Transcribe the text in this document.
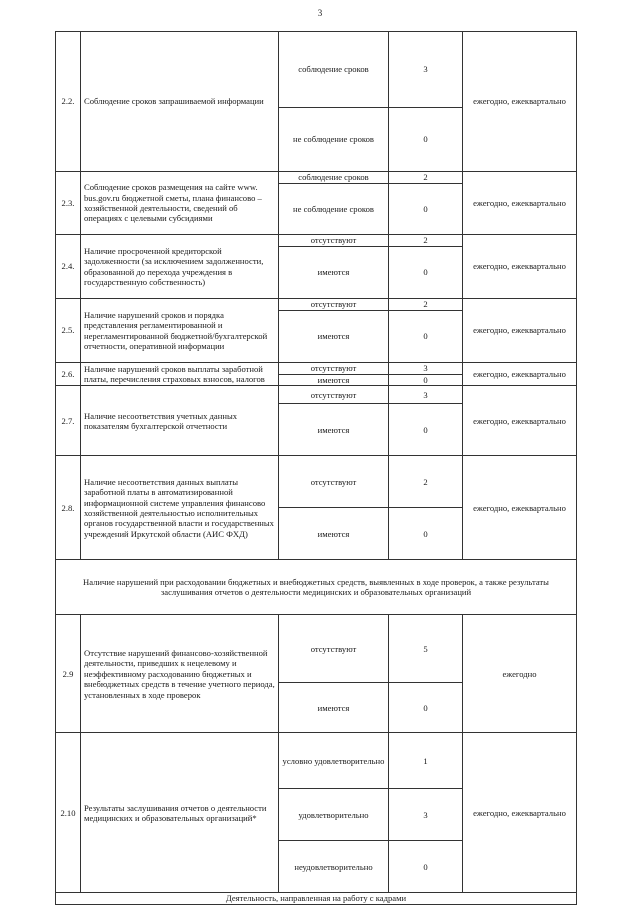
3
2.2.	Соблюдение сроков запрашиваемой информации	соблюдение сроков	3	ежегодно, ежеквартально
		не соблюдение сроков	0	
2.3.	Соблюдение сроков размещения на сайте www. bus.gov.ru бюджетной сметы, плана финансово – хозяйственной деятельности, сведений об операциях с целевыми субсидиями	соблюдение сроков	2	ежегодно, ежеквартально
		не соблюдение сроков	0	
2.4.	Наличие просроченной кредиторской задолженности (за исключением задолженности, образованной до перехода учреждения в государственную собственность)	отсутствуют	2	ежегодно, ежеквартально
		имеются	0	
2.5.	Наличие нарушений сроков и порядка представления регламентированной и нерегламентированной бюджетной/бухгалтерской отчетности, оперативной информации	отсутствуют	2	ежегодно, ежеквартально
		имеются	0	
2.6.	Наличие нарушений сроков выплаты заработной платы, перечисления страховых взносов, налогов	отсутствуют	3	ежегодно, ежеквартально
		имеются	0	
2.7.	Наличие несоответствия учетных данных показателям бухгалтерской отчетности	отсутствуют	3	ежегодно, ежеквартально
		имеются	0	
2.8.	Наличие несоответствия данных выплаты заработной платы в автоматизированной информационной системе управления финансово хозяйственной деятельностью исполнительных органов государственной власти и государственных учреждений Иркутской области (АИС ФХД)	отсутствуют	2	ежегодно, ежеквартально
		имеются	0	
Наличие нарушений при расходовании бюджетных и внебюджетных средств, выявленных в ходе проверок, а также результаты заслушивания отчетов о деятельности медицинских и образовательных организаций				
2.9	Отсутствие нарушений финансово-хозяйственной деятельности, приведших к нецелевому и неэффективному расходованию бюджетных и внебюджетных средств в течение учетного периода, установленных в ходе проверок	отсутствуют	5	ежегодно
		имеются	0	
2.10	Результаты заслушивания отчетов о деятельности медицинских и образовательных организаций*	условно удовлетворительно	1	ежегодно, ежеквартально
		удовлетворительно	3	
		неудовлетворительно	0	
Деятельность, направленная на работу с кадрами				
